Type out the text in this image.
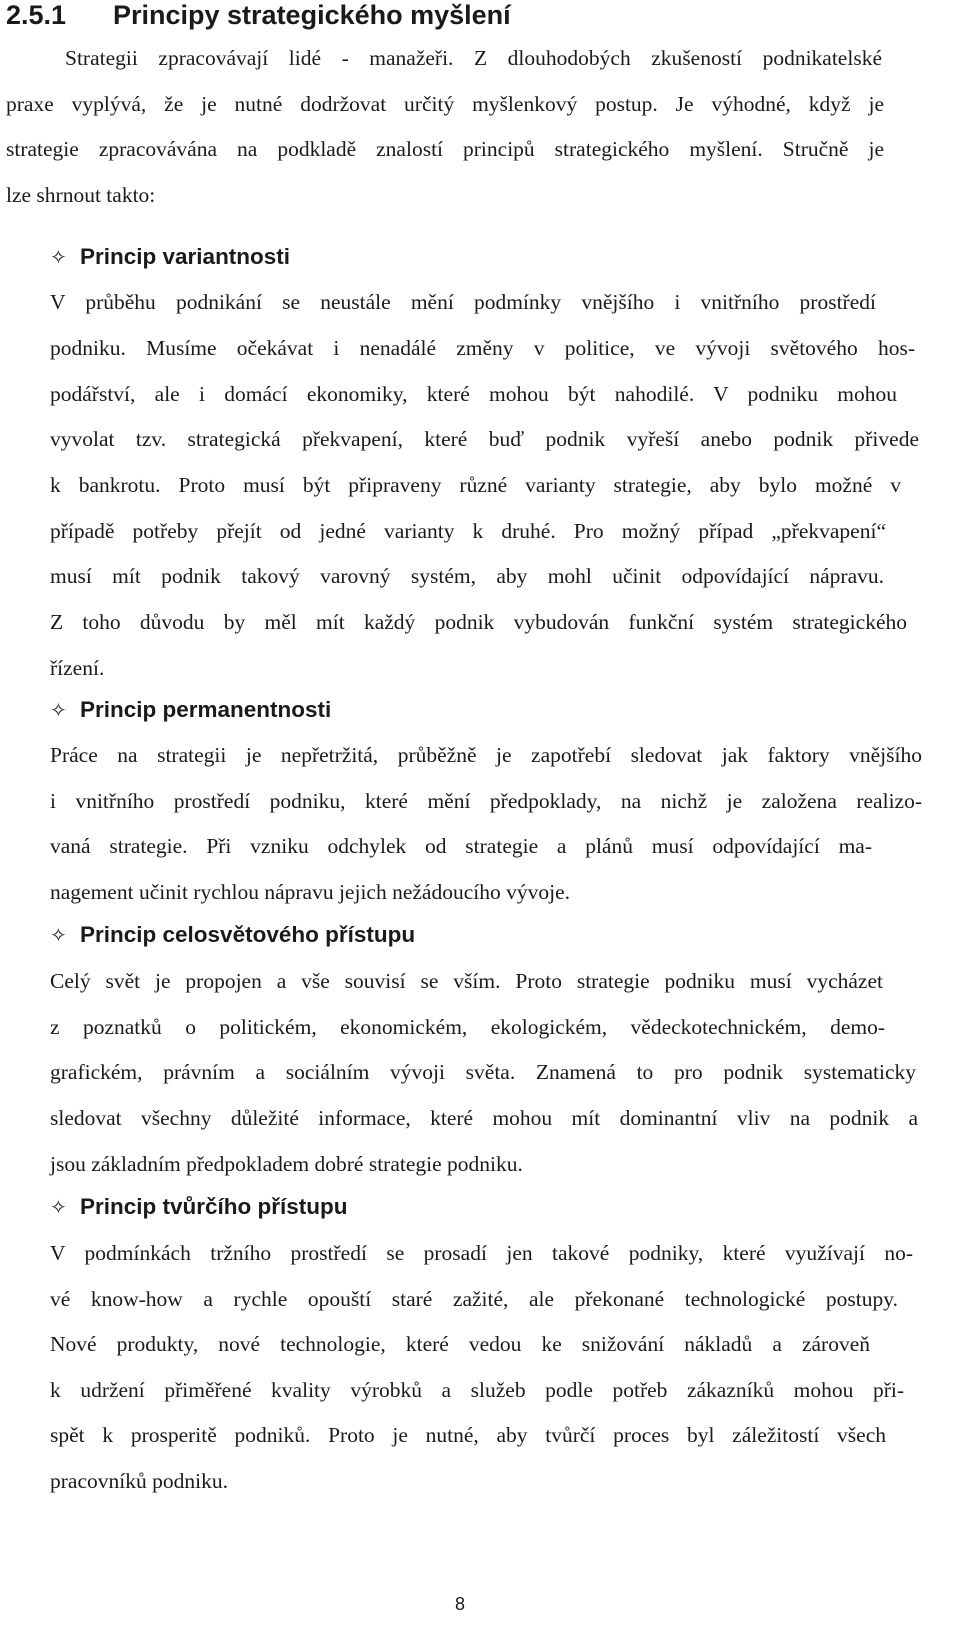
2.5.1 Principy strategického myšlení

Strategii zpracovávají lidé - manažeři. Z dlouhodobých zkušeností podnikatelské

praxe vyplývá, že je nutné dodržovat určitý myšlenkový postup. Je výhodné, když je

strategie zpracovávána na podkladě znalostí principů strategického myšlení. Stručně je

lze shrnout takto:

✧ Princip variantnosti

V průběhu podnikání se neustále mění podmínky vnějšího i vnitřního prostředí

podniku. Musíme očekávat i nenadálé změny v politice, ve vývoji světového hos-

podářství, ale i domácí ekonomiky, které mohou být nahodilé. V podniku mohou

vyvolat tzv. strategická překvapení, které buď podnik vyřeší anebo podnik přivede

k bankrotu. Proto musí být připraveny různé varianty strategie, aby bylo možné v

případě potřeby přejít od jedné varianty k druhé. Pro možný případ „překvapení“

musí mít podnik takový varovný systém, aby mohl učinit odpovídající nápravu.

Z toho důvodu by měl mít každý podnik vybudován funkční systém strategického

řízení.

✧ Princip permanentnosti

Práce na strategii je nepřetržitá, průběžně je zapotřebí sledovat jak faktory vnějšího

i vnitřního prostředí podniku, které mění předpoklady, na nichž je založena realizo-

vaná strategie. Při vzniku odchylek od strategie a plánů musí odpovídající ma-

nagement učinit rychlou nápravu jejich nežádoucího vývoje.

✧ Princip celosvětového přístupu

Celý svět je propojen a vše souvisí se vším. Proto strategie podniku musí vycházet

z poznatků o politickém, ekonomickém, ekologickém, vědeckotechnickém, demo-

grafickém, právním a sociálním vývoji světa. Znamená to pro podnik systematicky

sledovat všechny důležité informace, které mohou mít dominantní vliv na podnik a

jsou základním předpokladem dobré strategie podniku.

✧ Princip tvůrčího přístupu

V podmínkách tržního prostředí se prosadí jen takové podniky, které využívají no-

vé know-how a rychle opouští staré zažité, ale překonané technologické postupy.

Nové produkty, nové technologie, které vedou ke snižování nákladů a zároveň

k udržení přiměřené kvality výrobků a služeb podle potřeb zákazníků mohou při-

spět k prosperitě podniků. Proto je nutné, aby tvůrčí proces byl záležitostí všech

pracovníků podniku.

8
